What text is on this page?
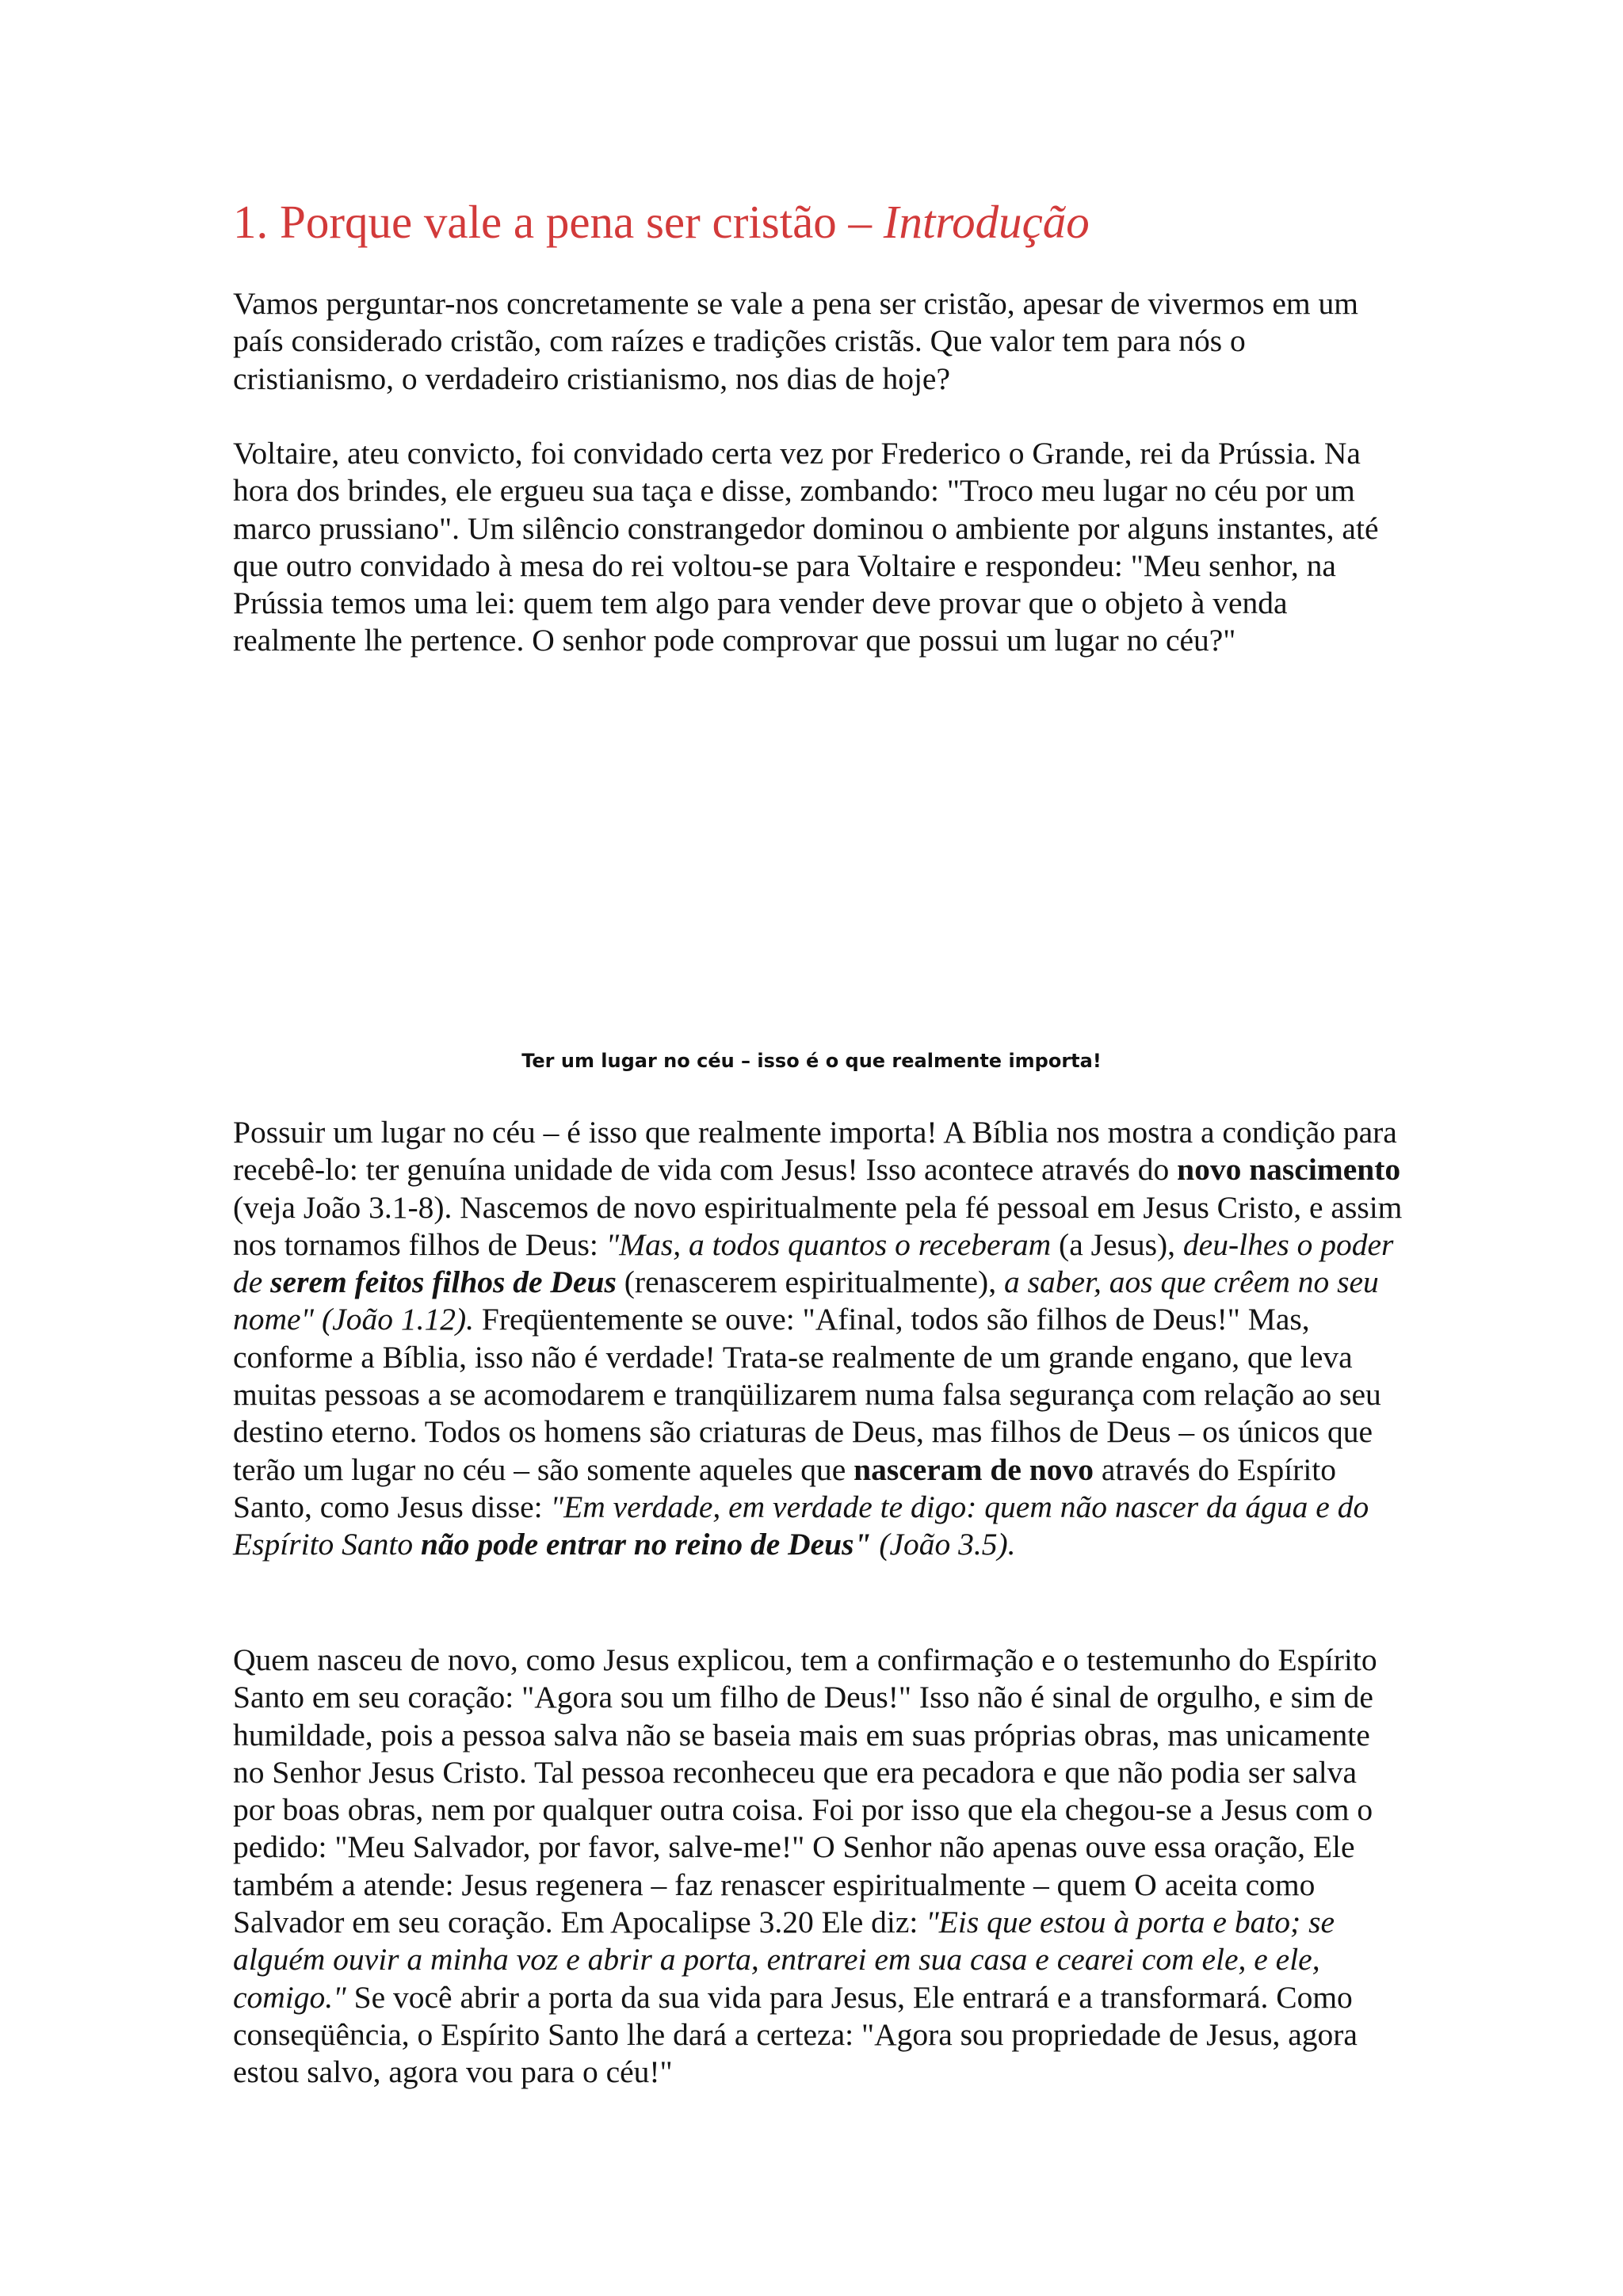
1. Porque vale a pena ser cristão – Introdução

Vamos perguntar-nos concretamente se vale a pena ser cristão, apesar de vivermos em um país considerado cristão, com raízes e tradições cristãs. Que valor tem para nós o cristianismo, o verdadeiro cristianismo, nos dias de hoje?

Voltaire, ateu convicto, foi convidado certa vez por Frederico o Grande, rei da Prússia. Na hora dos brindes, ele ergueu sua taça e disse, zombando: "Troco meu lugar no céu por um marco prussiano". Um silêncio constrangedor dominou o ambiente por alguns instantes, até que outro convidado à mesa do rei voltou-se para Voltaire e respondeu: "Meu senhor, na Prússia temos uma lei: quem tem algo para vender deve provar que o objeto à venda realmente lhe pertence. O senhor pode comprovar que possui um lugar no céu?"

Ter um lugar no céu – isso é o que realmente importa!

Possuir um lugar no céu – é isso que realmente importa! A Bíblia nos mostra a condição para recebê-lo: ter genuína unidade de vida com Jesus! Isso acontece através do novo nascimento (veja João 3.1-8). Nascemos de novo espiritualmente pela fé pessoal em Jesus Cristo, e assim nos tornamos filhos de Deus: "Mas, a todos quantos o receberam (a Jesus), deu-lhes o poder de serem feitos filhos de Deus (renascerem espiritualmente), a saber, aos que crêem no seu nome" (João 1.12). Freqüentemente se ouve: "Afinal, todos são filhos de Deus!" Mas, conforme a Bíblia, isso não é verdade! Trata-se realmente de um grande engano, que leva muitas pessoas a se acomodarem e tranqüilizarem numa falsa segurança com relação ao seu destino eterno. Todos os homens são criaturas de Deus, mas filhos de Deus – os únicos que terão um lugar no céu – são somente aqueles que nasceram de novo através do Espírito Santo, como Jesus disse: "Em verdade, em verdade te digo: quem não nascer da água e do Espírito Santo não pode entrar no reino de Deus" (João 3.5).

Quem nasceu de novo, como Jesus explicou, tem a confirmação e o testemunho do Espírito Santo em seu coração: "Agora sou um filho de Deus!" Isso não é sinal de orgulho, e sim de humildade, pois a pessoa salva não se baseia mais em suas próprias obras, mas unicamente no Senhor Jesus Cristo. Tal pessoa reconheceu que era pecadora e que não podia ser salva por boas obras, nem por qualquer outra coisa. Foi por isso que ela chegou-se a Jesus com o pedido: "Meu Salvador, por favor, salve-me!" O Senhor não apenas ouve essa oração, Ele também a atende: Jesus regenera – faz renascer espiritualmente – quem O aceita como Salvador em seu coração. Em Apocalipse 3.20 Ele diz: "Eis que estou à porta e bato; se alguém ouvir a minha voz e abrir a porta, entrarei em sua casa e cearei com ele, e ele, comigo." Se você abrir a porta da sua vida para Jesus, Ele entrará e a transformará. Como conseqüência, o Espírito Santo lhe dará a certeza: "Agora sou propriedade de Jesus, agora estou salvo, agora vou para o céu!"
